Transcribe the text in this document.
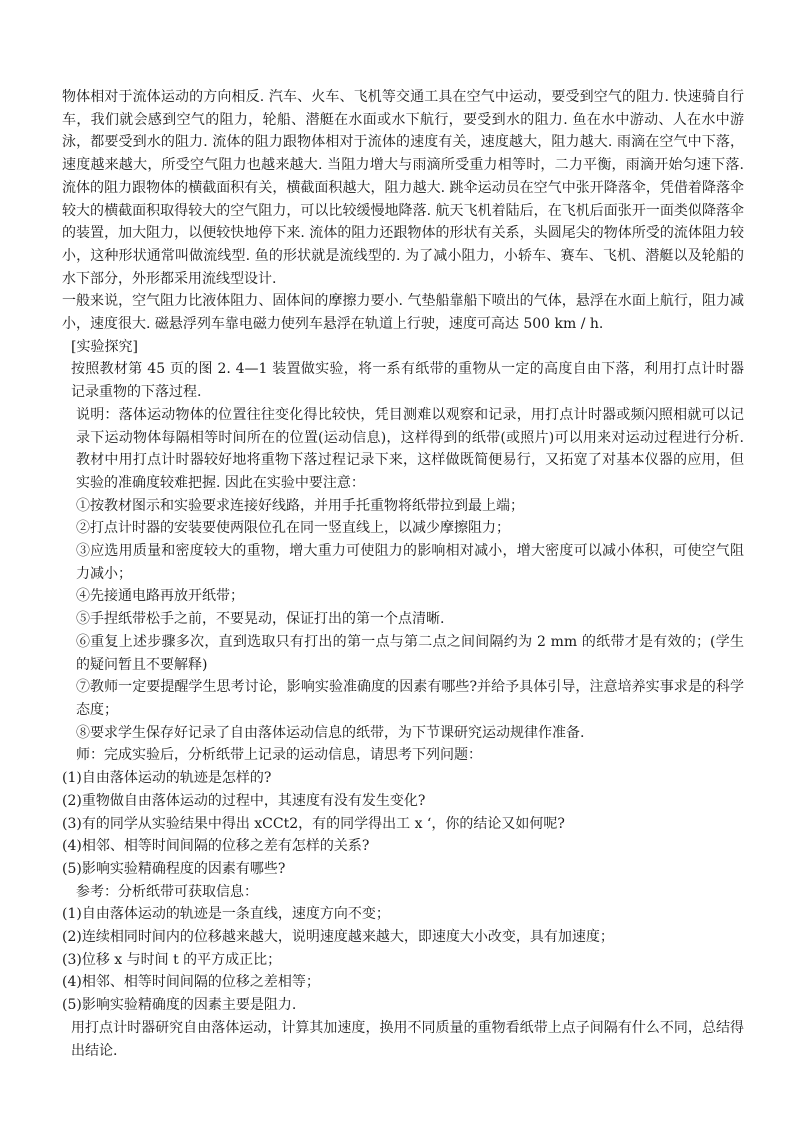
物体相对于流体运动的方向相反. 汽车、火车、飞机等交通工具在空气中运动，要受到空气的阻力. 快速骑自行车，我们就会感到空气的阻力，轮船、潜艇在水面或水下航行，要受到水的阻力. 鱼在水中游动、人在水中游泳，都要受到水的阻力. 流体的阻力跟物体相对于流体的速度有关，速度越大，阻力越大. 雨滴在空气中下落，速度越来越大，所受空气阻力也越来越大. 当阻力增大与雨滴所受重力相等时，二力平衡，雨滴开始匀速下落. 流体的阻力跟物体的横截面积有关，横截面积越大，阻力越大. 跳伞运动员在空气中张开降落伞，凭借着降落伞较大的横截面积取得较大的空气阻力，可以比较缓慢地降落. 航天飞机着陆后，在飞机后面张开一面类似降落伞的装置，加大阻力，以便较快地停下来. 流体的阻力还跟物体的形状有关系，头圆尾尖的物体所受的流体阻力较小，这种形状通常叫做流线型. 鱼的形状就是流线型的. 为了减小阻力，小轿车、赛车、飞机、潜艇以及轮船的水下部分，外形都采用流线型设计.

一般来说，空气阻力比液体阻力、固体间的摩擦力要小. 气垫船靠船下喷出的气体，悬浮在水面上航行，阻力减小，速度很大. 磁悬浮列车靠电磁力使列车悬浮在轨道上行驶，速度可高达 500 km / h.

[实验探究]

按照教材第 45 页的图 2. 4—1 装置做实验，将一系有纸带的重物从一定的高度自由下落，利用打点计时器记录重物的下落过程.

说明：落体运动物体的位置往往变化得比较快，凭目测难以观察和记录，用打点计时器或频闪照相就可以记录下运动物体每隔相等时间所在的位置(运动信息)，这样得到的纸带(或照片)可以用来对运动过程进行分析. 教材中用打点计时器较好地将重物下落过程记录下来，这样做既简便易行，又拓宽了对基本仪器的应用，但实验的准确度较难把握. 因此在实验中要注意：

①按教材图示和实验要求连接好线路，并用手托重物将纸带拉到最上端；

②打点计时器的安装要使两限位孔在同一竖直线上，以减少摩擦阻力；

③应选用质量和密度较大的重物，增大重力可使阻力的影响相对减小，增大密度可以减小体积，可使空气阻力减小；

④先接通电路再放开纸带；

⑤手捏纸带松手之前，不要晃动，保证打出的第一个点清晰.

⑥重复上述步骤多次，直到选取只有打出的第一点与第二点之间间隔约为 2 mm 的纸带才是有效的；(学生的疑问暂且不要解释)

⑦教师一定要提醒学生思考讨论，影响实验准确度的因素有哪些?并给予具体引导，注意培养实事求是的科学态度；

⑧要求学生保存好记录了自由落体运动信息的纸带，为下节课研究运动规律作准备.

师：完成实验后，分析纸带上记录的运动信息，请思考下列问题：

(1)自由落体运动的轨迹是怎样的?

(2)重物做自由落体运动的过程中，其速度有没有发生变化?

(3)有的同学从实验结果中得出 xCCt2，有的同学得出工 x ‘，你的结论又如何呢?

(4)相邻、相等时间间隔的位移之差有怎样的关系?

(5)影响实验精确程度的因素有哪些?

参考：分析纸带可获取信息：

(1)自由落体运动的轨迹是一条直线，速度方向不变；

(2)连续相同时间内的位移越来越大，说明速度越来越大，即速度大小改变，具有加速度；

(3)位移 x 与时间 t 的平方成正比；

(4)相邻、相等时间间隔的位移之差相等；

(5)影响实验精确度的因素主要是阻力.

用打点计时器研究自由落体运动，计算其加速度，换用不同质量的重物看纸带上点子间隔有什么不同，总结得出结论.
